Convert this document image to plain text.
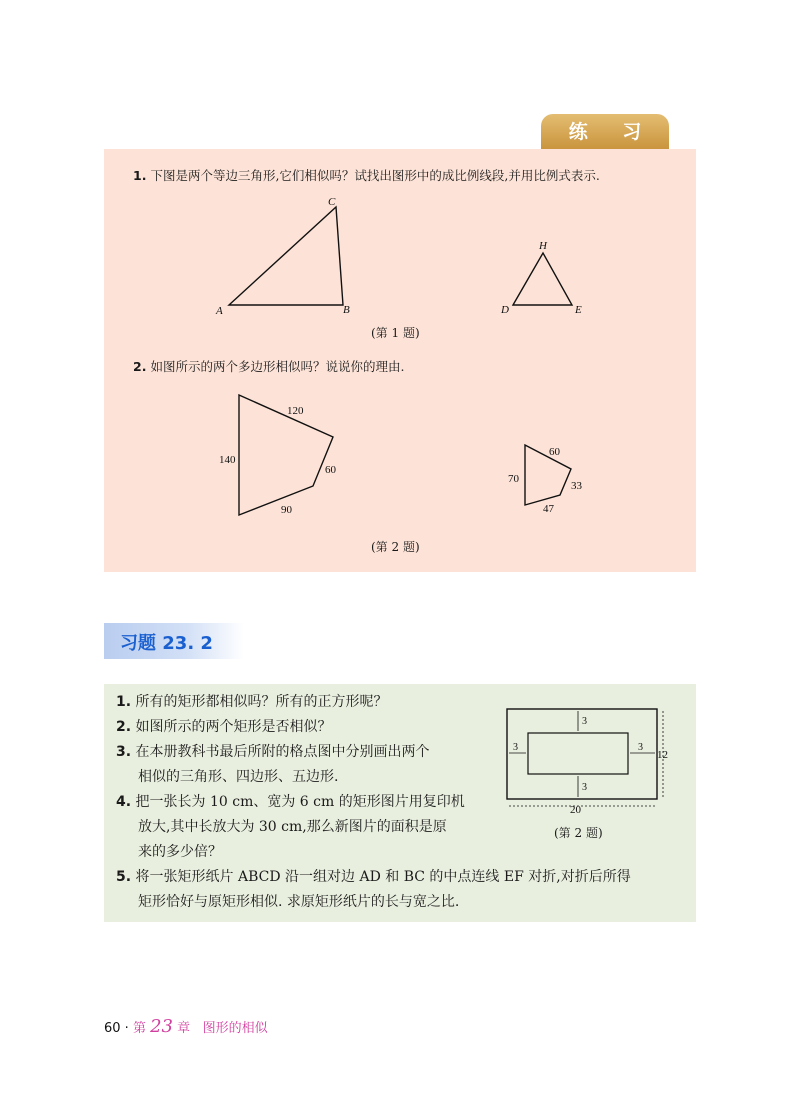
练 习
1. 下图是两个等边三角形,它们相似吗？试找出图形中的成比例线段,并用比例式表示.
A	B
C
D	E
H
(第 1 题)
2. 如图所示的两个多边形相似吗？说说你的理由.
120
140
60
90
60
70
33
47
(第 2 题)
习题 23. 2
1. 所有的矩形都相似吗？所有的正方形呢？
2. 如图所示的两个矩形是否相似？
3. 在本册教科书最后所附的格点图中分别画出两个
相似的三角形、四边形、五边形.
4. 把一张长为 10 cm、宽为 6 cm 的矩形图片用复印机
放大,其中长放大为 30 cm,那么新图片的面积是原
来的多少倍？
5. 将一张矩形纸片 ABCD 沿一组对边 AD 和 BC 的中点连线 EF 对折,对折后所得
矩形恰好与原矩形相似. 求原矩形纸片的长与宽之比.
3
3
3	3
12
20
(第 2 题)
60 · 第 23 章 图形的相似
